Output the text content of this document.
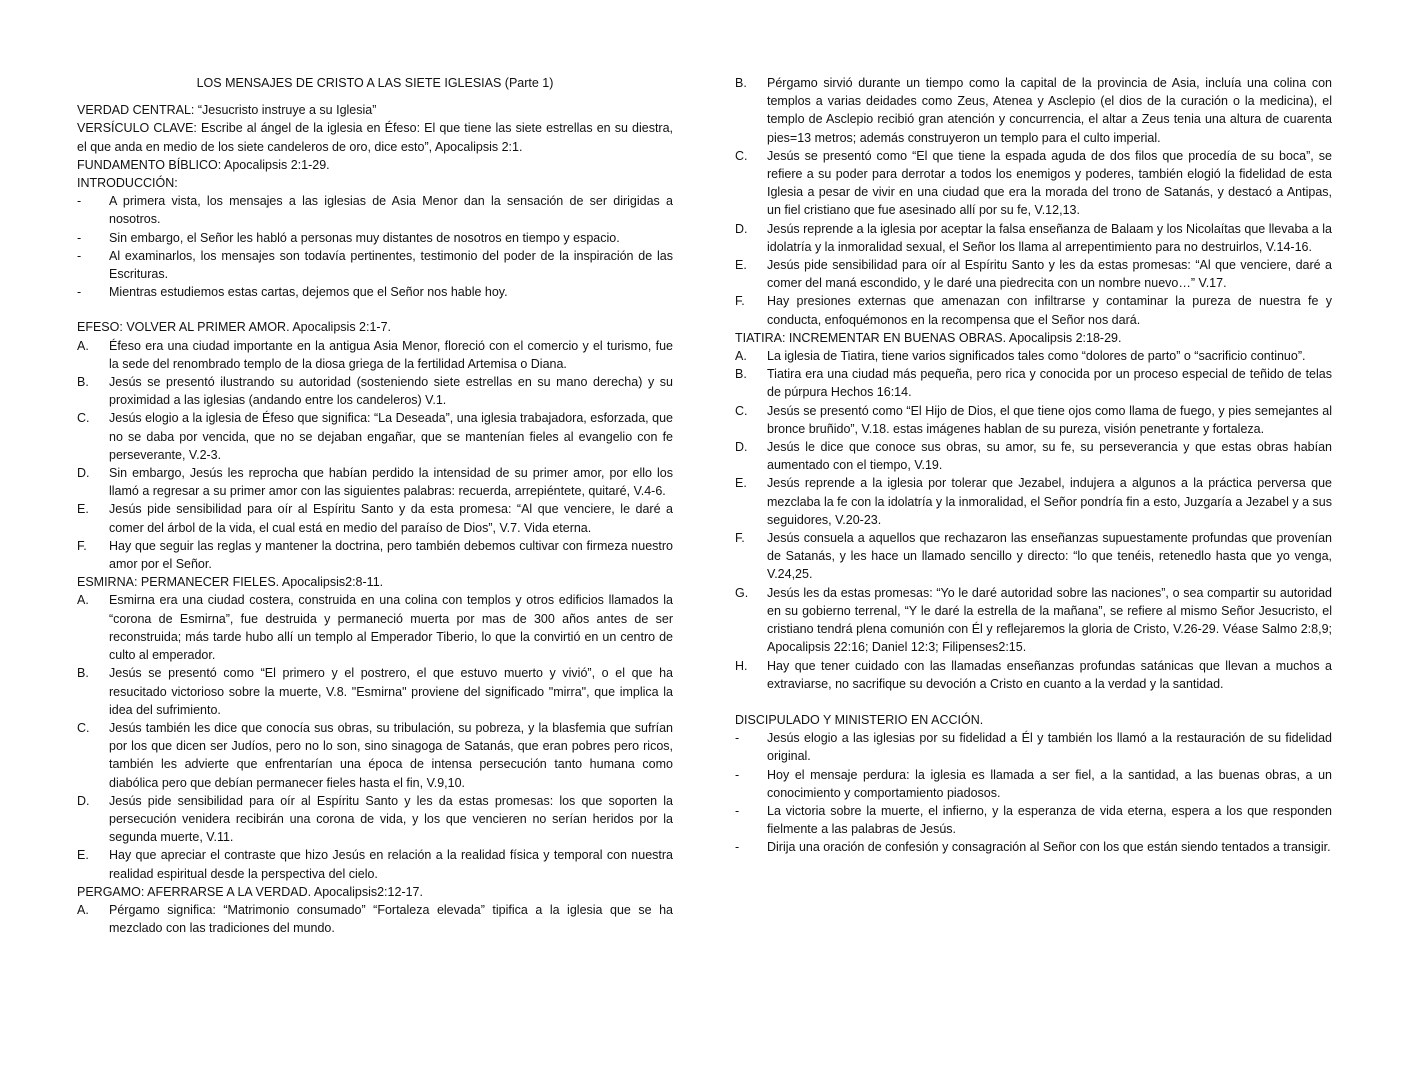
LOS MENSAJES DE CRISTO A LAS SIETE IGLESIAS (Parte 1)

VERDAD CENTRAL: “Jesucristo instruye a su Iglesia”

VERSÍCULO CLAVE: Escribe al ángel de la iglesia en Éfeso: El que tiene las siete estrellas en su diestra, el que anda en medio de los siete candeleros de oro, dice esto”, Apocalipsis 2:1.

FUNDAMENTO BÍBLICO: Apocalipsis 2:1-29.

INTRODUCCIÓN:

-	A primera vista, los mensajes a las iglesias de Asia Menor dan la sensación de ser dirigidas a nosotros.
-	Sin embargo, el Señor les habló a personas muy distantes de nosotros en tiempo y espacio.
-	Al examinarlos, los mensajes son todavía pertinentes, testimonio del poder de la inspiración de las Escrituras.
-	Mientras estudiemos estas cartas, dejemos que el Señor nos hable hoy.

EFESO: VOLVER AL PRIMER AMOR. Apocalipsis 2:1-7.

A.	Éfeso era una ciudad importante en la antigua Asia Menor, floreció con el comercio y el turismo, fue la sede del renombrado templo de la diosa griega de la fertilidad Artemisa o Diana.
B.	Jesús se presentó ilustrando su autoridad (sosteniendo siete estrellas en su mano derecha) y su proximidad a las iglesias (andando entre los candeleros) V.1.
C.	Jesús elogio a la iglesia de Éfeso que significa: “La Deseada”, una iglesia trabajadora, esforzada, que no se daba por vencida, que no se dejaban engañar, que se mantenían fieles al evangelio con fe perseverante, V.2-3.
D.	Sin embargo, Jesús les reprocha que habían perdido la intensidad de su primer amor, por ello los llamó a regresar a su primer amor con las siguientes palabras: recuerda, arrepiéntete, quitaré, V.4-6.
E.	Jesús pide sensibilidad para oír al Espíritu Santo y da esta promesa: “Al que venciere, le daré a comer del árbol de la vida, el cual está en medio del paraíso de Dios”, V.7. Vida eterna.
F.	Hay que seguir las reglas y mantener la doctrina, pero también debemos cultivar con firmeza nuestro amor por el Señor.

ESMIRNA: PERMANECER FIELES. Apocalipsis2:8-11.

A.	Esmirna era una ciudad costera, construida en una colina con templos y otros edificios llamados la “corona de Esmirna”, fue destruida y permaneció muerta por mas de 300 años antes de ser reconstruida; más tarde hubo allí un templo al Emperador Tiberio, lo que la convirtió en un centro de culto al emperador.
B.	Jesús se presentó como “El primero y el postrero, el que estuvo muerto y vivió”, o el que ha resucitado victorioso sobre la muerte, V.8. "Esmirna" proviene del significado "mirra", que implica la idea del sufrimiento.
C.	Jesús también les dice que conocía sus obras, su tribulación, su pobreza, y la blasfemia que sufrían por los que dicen ser Judíos, pero no lo son, sino sinagoga de Satanás, que eran pobres pero ricos, también les advierte que enfrentarían una época de intensa persecución tanto humana como diabólica pero que debían permanecer fieles hasta el fin, V.9,10.
D.	Jesús pide sensibilidad para oír al Espíritu Santo y les da estas promesas: los que soporten la persecución venidera recibirán una corona de vida, y los que vencieren no serían heridos por la segunda muerte, V.11.
E.	Hay que apreciar el contraste que hizo Jesús en relación a la realidad física y temporal con nuestra realidad espiritual desde la perspectiva del cielo.

PERGAMO: AFERRARSE A LA VERDAD. Apocalipsis2:12-17.

A.	Pérgamo significa: “Matrimonio consumado” “Fortaleza elevada” tipifica a la iglesia que se ha mezclado con las tradiciones del mundo.
B.	Pérgamo sirvió durante un tiempo como la capital de la provincia de Asia, incluía una colina con templos a varias deidades como Zeus, Atenea y Asclepio (el dios de la curación o la medicina), el templo de Asclepio recibió gran atención y concurrencia, el altar a Zeus tenia una altura de cuarenta pies=13 metros; además construyeron un templo para el culto imperial.
C.	Jesús se presentó como “El que tiene la espada aguda de dos filos que procedía de su boca”, se refiere a su poder para derrotar a todos los enemigos y poderes, también elogió la fidelidad de esta Iglesia a pesar de vivir en una ciudad que era la morada del trono de Satanás, y destacó a Antipas, un fiel cristiano que fue asesinado allí por su fe, V.12,13.
D.	Jesús reprende a la iglesia por aceptar la falsa enseñanza de Balaam y los Nicolaítas que llevaba a la idolatría y la inmoralidad sexual, el Señor los llama al arrepentimiento para no destruirlos, V.14-16.
E.	Jesús pide sensibilidad para oír al Espíritu Santo y les da estas promesas: “Al que venciere, daré a comer del maná escondido, y le daré una piedrecita con un nombre nuevo…” V.17.
F.	Hay presiones externas que amenazan con infiltrarse y contaminar la pureza de nuestra fe y conducta, enfoquémonos en la recompensa que el Señor nos dará.

TIATIRA: INCREMENTAR EN BUENAS OBRAS. Apocalipsis 2:18-29.

A.	La iglesia de Tiatira, tiene varios significados tales como “dolores de parto” o “sacrificio continuo”.
B.	Tiatira era una ciudad más pequeña, pero rica y conocida por un proceso especial de teñido de telas de púrpura Hechos 16:14.
C.	Jesús se presentó como “El Hijo de Dios, el que tiene ojos como llama de fuego, y pies semejantes al bronce bruñido”, V.18. estas imágenes hablan de su pureza, visión penetrante y fortaleza.
D.	Jesús le dice que conoce sus obras, su amor, su fe, su perseverancia y que estas obras habían aumentado con el tiempo, V.19.
E.	Jesús reprende a la iglesia por tolerar que Jezabel, indujera a algunos a la práctica perversa que mezclaba la fe con la idolatría y la inmoralidad, el Señor pondría fin a esto, Juzgaría a Jezabel y a sus seguidores, V.20-23.
F.	Jesús consuela a aquellos que rechazaron las enseñanzas supuestamente profundas que provenían de Satanás, y les hace un llamado sencillo y directo: “lo que tenéis, retenedlo hasta que yo venga, V.24,25.
G.	Jesús les da estas promesas: “Yo le daré autoridad sobre las naciones”, o sea compartir su autoridad en su gobierno terrenal, “Y le daré la estrella de la mañana”, se refiere al mismo Señor Jesucristo, el cristiano tendrá plena comunión con Él y reflejaremos la gloria de Cristo, V.26-29. Véase Salmo 2:8,9; Apocalipsis 22:16; Daniel 12:3; Filipenses2:15.
H.	Hay que tener cuidado con las llamadas enseñanzas profundas satánicas que llevan a muchos a extraviarse, no sacrifique su devoción a Cristo en cuanto a la verdad y la santidad.

DISCIPULADO Y MINISTERIO EN ACCIÓN.

-	Jesús elogio a las iglesias por su fidelidad a Él y también los llamó a la restauración de su fidelidad original.
-	Hoy el mensaje perdura: la iglesia es llamada a ser fiel, a la santidad, a las buenas obras, a un conocimiento y comportamiento piadosos.
-	La victoria sobre la muerte, el infierno, y la esperanza de vida eterna, espera a los que responden fielmente a las palabras de Jesús.
-	Dirija una oración de confesión y consagración al Señor con los que están siendo tentados a transigir.
